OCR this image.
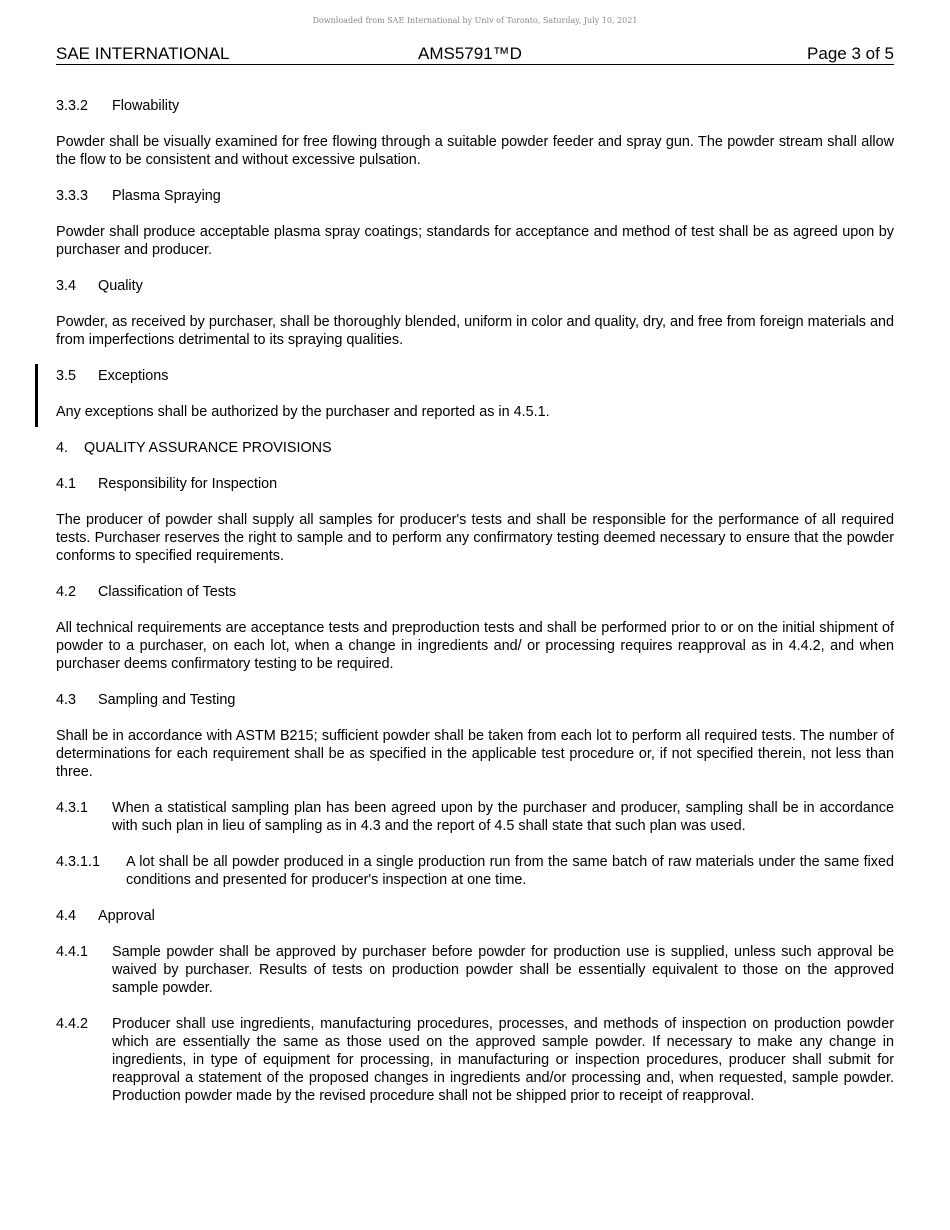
Downloaded from SAE International by Univ of Toronto, Saturday, July 10, 2021
SAE INTERNATIONAL	AMS5791™D	Page 3 of 5
3.3.2 Flowability

Powder shall be visually examined for free flowing through a suitable powder feeder and spray gun. The powder stream shall allow the flow to be consistent and without excessive pulsation.

3.3.3 Plasma Spraying

Powder shall produce acceptable plasma spray coatings; standards for acceptance and method of test shall be as agreed upon by purchaser and producer.

3.4 Quality

Powder, as received by purchaser, shall be thoroughly blended, uniform in color and quality, dry, and free from foreign materials and from imperfections detrimental to its spraying qualities.

3.5 Exceptions

Any exceptions shall be authorized by the purchaser and reported as in 4.5.1.

4. QUALITY ASSURANCE PROVISIONS
4.1 Responsibility for Inspection

The producer of powder shall supply all samples for producer's tests and shall be responsible for the performance of all required tests. Purchaser reserves the right to sample and to perform any confirmatory testing deemed necessary to ensure that the powder conforms to specified requirements.

4.2 Classification of Tests

All technical requirements are acceptance tests and preproduction tests and shall be performed prior to or on the initial shipment of powder to a purchaser, on each lot, when a change in ingredients and/ or processing requires reapproval as in 4.4.2, and when purchaser deems confirmatory testing to be required.

4.3 Sampling and Testing

Shall be in accordance with ASTM B215; sufficient powder shall be taken from each lot to perform all required tests. The number of determinations for each requirement shall be as specified in the applicable test procedure or, if not specified therein, not less than three.

4.3.1 When a statistical sampling plan has been agreed upon by the purchaser and producer, sampling shall be in accordance with such plan in lieu of sampling as in 4.3 and the report of 4.5 shall state that such plan was used.
4.3.1.1 A lot shall be all powder produced in a single production run from the same batch of raw materials under the same fixed conditions and presented for producer's inspection at one time.
4.4 Approval
4.4.1 Sample powder shall be approved by purchaser before powder for production use is supplied, unless such approval be waived by purchaser. Results of tests on production powder shall be essentially equivalent to those on the approved sample powder.
4.4.2 Producer shall use ingredients, manufacturing procedures, processes, and methods of inspection on production powder which are essentially the same as those used on the approved sample powder. If necessary to make any change in ingredients, in type of equipment for processing, in manufacturing or inspection procedures, producer shall submit for reapproval a statement of the proposed changes in ingredients and/or processing and, when requested, sample powder. Production powder made by the revised procedure shall not be shipped prior to receipt of reapproval.
